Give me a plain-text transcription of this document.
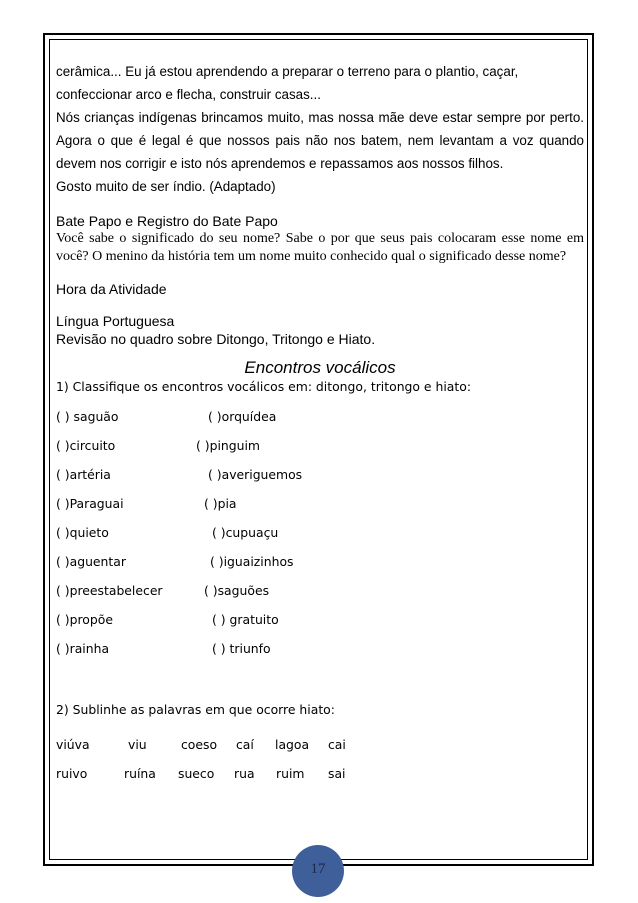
cerâmica... Eu já estou aprendendo a preparar o terreno para o plantio, caçar,

confeccionar arco e flecha, construir casas...

Nós crianças indígenas brincamos muito, mas nossa mãe deve estar sempre por perto. Agora o que é legal é que nossos pais não nos batem, nem levantam a voz quando devem nos corrigir e isto nós aprendemos e repassamos aos nossos filhos.

Gosto muito de ser índio. (Adaptado)

Bate Papo e Registro do Bate Papo

Você sabe o significado do seu nome? Sabe o por que seus pais colocaram esse nome em você? O menino da história tem um nome muito conhecido qual o significado desse nome?

Hora da Atividade

Língua Portuguesa

Revisão no quadro sobre Ditongo, Tritongo e Hiato.

Encontros vocálicos

1) Classifique os encontros vocálicos em: ditongo, tritongo e hiato:

( ) saguão	( )orquídea
( )circuito	( )pinguim
( )artéria	( )averiguemos
( )Paraguai	( )pia
( )quieto	( )cupuaçu
( )aguentar	( )iguaizinhos
( )preestabelecer	( )saguões
( )propõe	( ) gratuito
( )rainha	( ) triunfo

2) Sublinhe as palavras em que ocorre hiato:

viúva	viu	coeso caí lagoa cai
ruivo	ruína sueco rua ruim sai
17
